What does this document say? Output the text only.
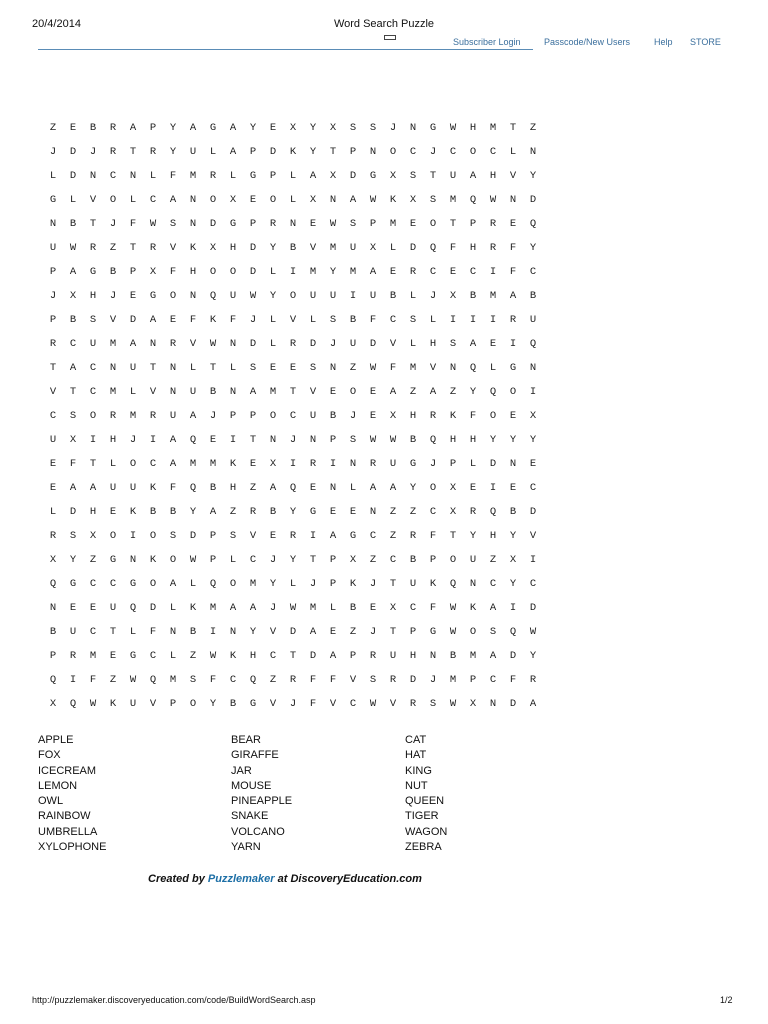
20/4/2014	Word Search Puzzle
Subscriber Login	Passcode/New Users	Help STORE
Z	E	B	R	A	P	Y	A	G	A	Y	E	X	Y	X	S	S	J	N	G	W	H	M	T	Z
J	D	J	R	T	R	Y	U	L	A	P	D	K	Y	T	P	N	O	C	J	C	O	C	L	N
L	D	N	C	N	L	F	M	R	L	G	P	L	A	X	D	G	X	S	T	U	A	H	V	Y
G	L	V	O	L	C	A	N	O	X	E	O	L	X	N	A	W	K	X	S	M	Q	W	N	D
N	B	T	J	F	W	S	N	D	G	P	R	N	E	W	S	P	M	E	O	T	P	R	E	Q
U	W	R	Z	T	R	V	K	X	H	D	Y	B	V	M	U	X	L	D	Q	F	H	R	F	Y
P	A	G	B	P	X	F	H	O	O	D	L	I	M	Y	M	A	E	R	C	E	C	I	F	C
J	X	H	J	E	G	O	N	Q	U	W	Y	O	U	U	I	U	B	L	J	X	B	M	A	B
P	B	S	V	D	A	E	F	K	F	J	L	V	L	S	B	F	C	S	L	I	I	I	R	U
R	C	U	M	A	N	R	V	W	N	D	L	R	D	J	U	D	V	L	H	S	A	E	I	Q
T	A	C	N	U	T	N	L	T	L	S	E	E	S	N	Z	W	F	M	V	N	Q	L	G	N
V	T	C	M	L	V	N	U	B	N	A	M	T	V	E	O	E	A	Z	A	Z	Y	Q	O	I
C	S	O	R	M	R	U	A	J	P	P	O	C	U	B	J	E	X	H	R	K	F	O	E	X
U	X	I	H	J	I	A	Q	E	I	T	N	J	N	P	S	W	W	B	Q	H	H	Y	Y	Y
E	F	T	L	O	C	A	M	M	K	E	X	I	R	I	N	R	U	G	J	P	L	D	N	E
E	A	A	U	U	K	F	Q	B	H	Z	A	Q	E	N	L	A	A	Y	O	X	E	I	E	C
L	D	H	E	K	B	B	Y	A	Z	R	B	Y	G	E	E	N	Z	Z	C	X	R	Q	B	D
R	S	X	O	I	O	S	D	P	S	V	E	R	I	A	G	C	Z	R	F	T	Y	H	Y	V
X	Y	Z	G	N	K	O	W	P	L	C	J	Y	T	P	X	Z	C	B	P	O	U	Z	X	I
Q	G	C	C	G	O	A	L	Q	O	M	Y	L	J	P	K	J	T	U	K	Q	N	C	Y	C
N	E	E	U	Q	D	L	K	M	A	A	J	W	M	L	B	E	X	C	F	W	K	A	I	D
B	U	C	T	L	F	N	B	I	N	Y	V	D	A	E	Z	J	T	P	G	W	O	S	Q	W
P	R	M	E	G	C	L	Z	W	K	H	C	T	D	A	P	R	U	H	N	B	M	A	D	Y
Q	I	F	Z	W	Q	M	S	F	C	Q	Z	R	F	F	V	S	R	D	J	M	P	C	F	R
X	Q	W	K	U	V	P	O	Y	B	G	V	J	F	V	C	W	V	R	S	W	X	N	D	A
APPLE	BEAR	CAT
FOX	GIRAFFE	HAT
ICECREAM	JAR	KING
LEMON	MOUSE	NUT
OWL	PINEAPPLE	QUEEN
RAINBOW	SNAKE	TIGER
UMBRELLA	VOLCANO	WAGON
XYLOPHONE	YARN	ZEBRA
Created by Puzzlemaker at DiscoveryEducation.com
http://puzzlemaker.discoveryeducation.com/code/BuildWordSearch.asp	1/2
